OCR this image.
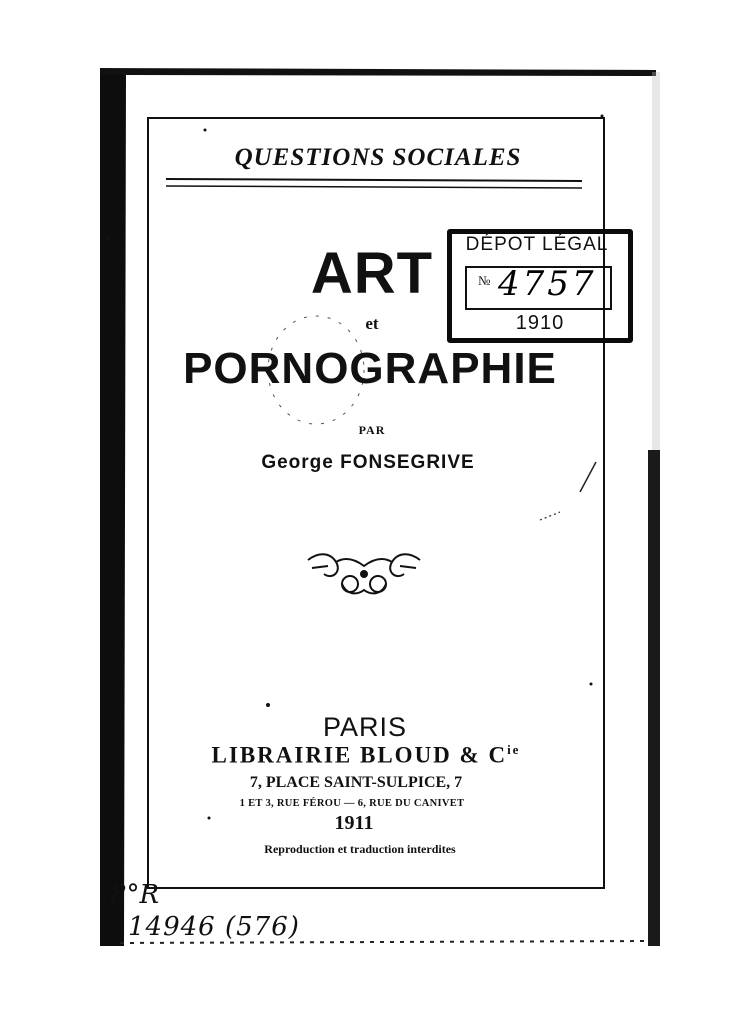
QUESTIONS SOCIALES
ART
et
PORNOGRAPHIE
PAR
George FONSEGRIVE
PARIS
LIBRAIRIE BLOUD & $C^{ie}$
7, PLACE SAINT-SULPICE, 7
1 ET 3, RUE FÉROU — 6, RUE DU CANIVET
1911
Reproduction et traduction interdites
DÉPOT LÉGAL
№ 4757
1910
8°R
14946 (576)
